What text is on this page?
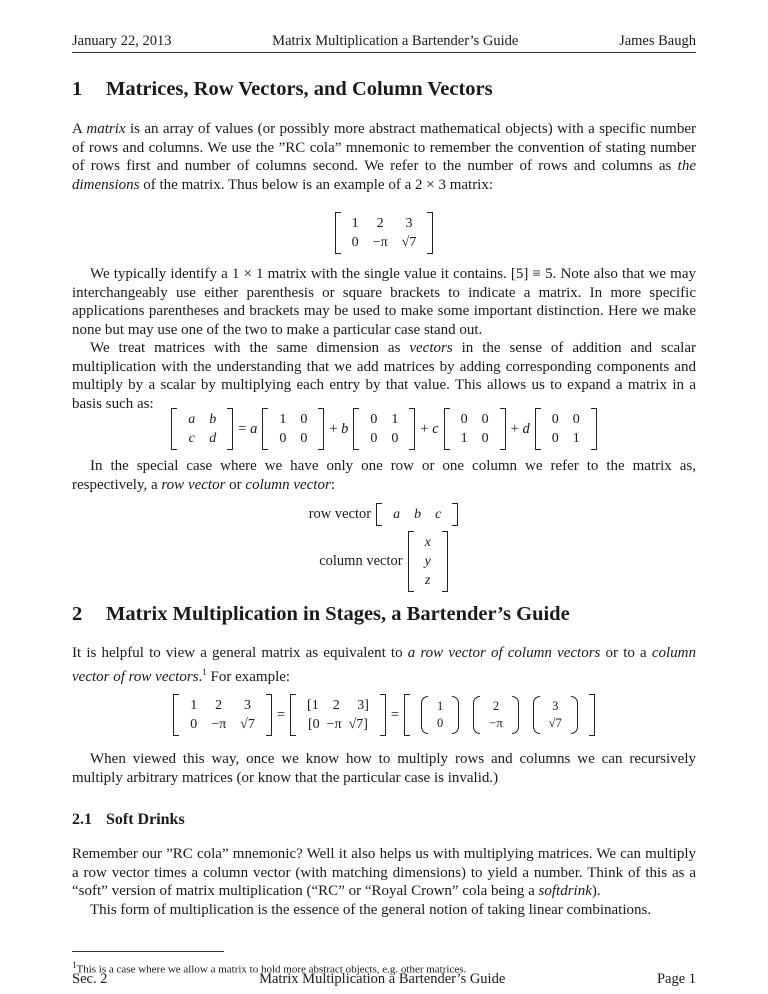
January 22, 2013	Matrix Multiplication a Bartender’s Guide	James Baugh
1 Matrices, Row Vectors, and Column Vectors

A matrix is an array of values (or possibly more abstract mathematical objects) with a specific number of rows and columns. We use the ”RC cola” mnemonic to remember the convention of stating number of rows first and number of columns second. We refer to the number of rows and columns as the dimensions of the matrix. Thus below is an example of a 2 × 3 matrix:

1	2	3
0	−π	√7

We typically identify a 1 × 1 matrix with the single value it contains. [5] ≡ 5. Note also that we may interchangeably use either parenthesis or square brackets to indicate a matrix. In more specific applications parentheses and brackets may be used to make some important distinction. Here we make none but may use one of the two to make a particular case stand out.

We treat matrices with the same dimension as vectors in the sense of addition and scalar multiplication with the understanding that we add matrices by adding corresponding components and multiply by a scalar by multiplying each entry by that value. This allows us to expand a matrix in a basis such as:

a	b
c	d
= a
1	0
0	0
+ b
0	1
0	0
+ c
0	0
1	0
+ d
0	0
0	1

In the special case where we have only one row or one column we refer to the matrix as, respectively, a row vector or column vector:

row vector a	b	c
column vector
x
y
z
2 Matrix Multiplication in Stages, a Bartender’s Guide

It is helpful to view a general matrix as equivalent to a row vector of column vectors or to a column vector of row vectors.$^1$ For example:

1	2	3
0	−π	√7
=
[1    2     3]
[0  −π  √7]
=
1
0

2
−π

3
√7

When viewed this way, once we know how to multiply rows and columns we can recursively multiply arbitrary matrices (or know that the particular case is invalid.)

2.1 Soft Drinks

Remember our ”RC cola” mnemonic? Well it also helps us with multiplying matrices. We can multiply a row vector times a column vector (with matching dimensions) to yield a number. Think of this as a “soft” version of matrix multiplication (“RC” or “Royal Crown” cola being a softdrink).

This form of multiplication is the essence of the general notion of taking linear combinations.

$^1$This is a case where we allow a matrix to hold more abstract objects, e.g. other matrices.
Sec. 2	Matrix Multiplication a Bartender’s Guide	Page 1
